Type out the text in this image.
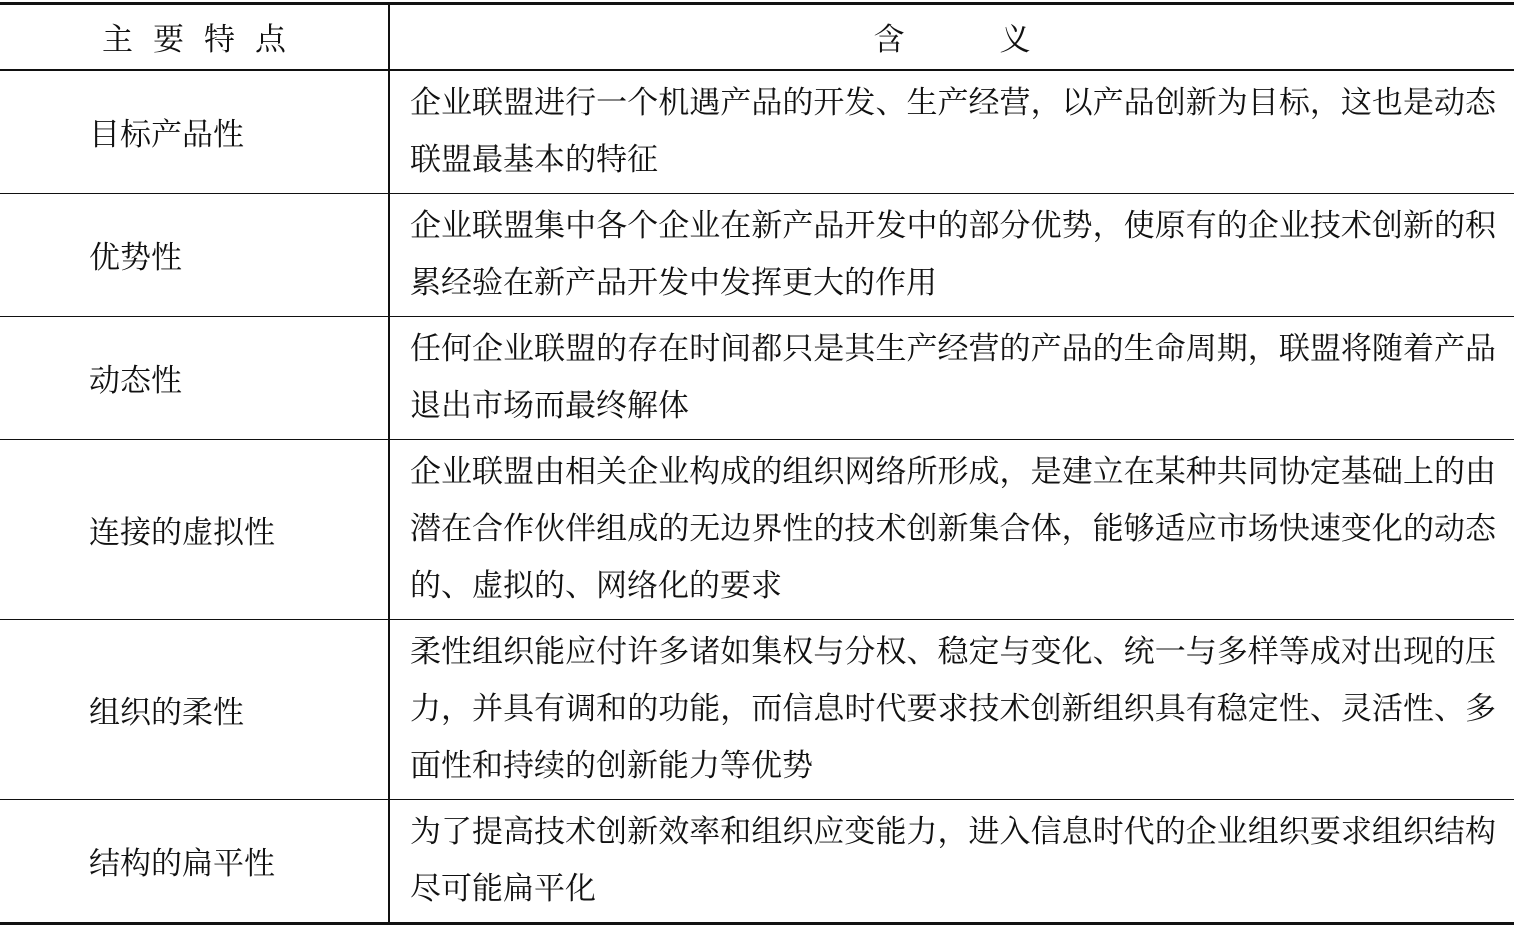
主要特点	含义
目标产品性	企业联盟进行一个机遇产品的开发、生产经营，以产品创新为目标，这也是动态联盟最基本的特征
优势性	企业联盟集中各个企业在新产品开发中的部分优势，使原有的企业技术创新的积累经验在新产品开发中发挥更大的作用
动态性	任何企业联盟的存在时间都只是其生产经营的产品的生命周期，联盟将随着产品退出市场而最终解体
连接的虚拟性	企业联盟由相关企业构成的组织网络所形成，是建立在某种共同协定基础上的由潜在合作伙伴组成的无边界性的技术创新集合体，能够适应市场快速变化的动态的、虚拟的、网络化的要求
组织的柔性	柔性组织能应付许多诸如集权与分权、稳定与变化、统一与多样等成对出现的压力，并具有调和的功能，而信息时代要求技术创新组织具有稳定性、灵活性、多面性和持续的创新能力等优势
结构的扁平性	为了提高技术创新效率和组织应变能力，进入信息时代的企业组织要求组织结构尽可能扁平化
